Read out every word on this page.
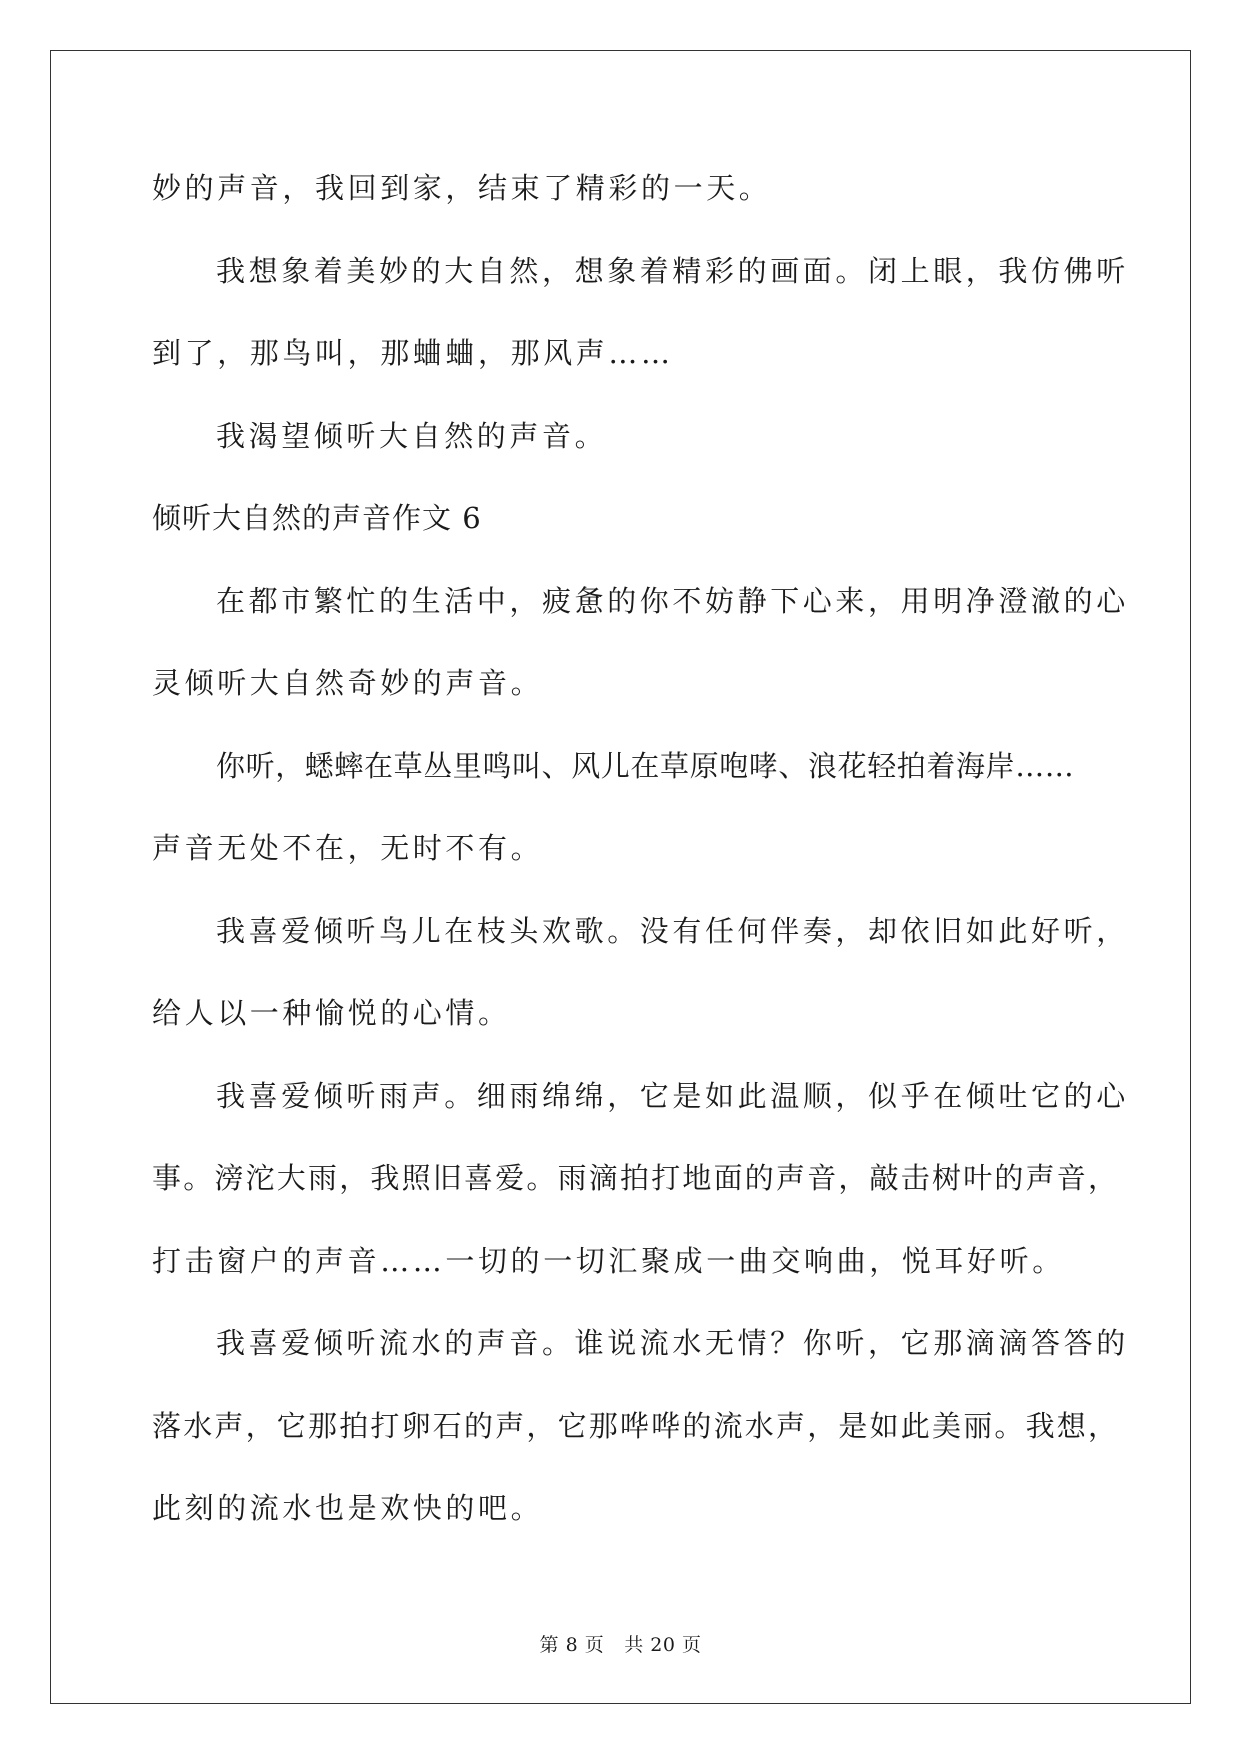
妙的声音，我回到家，结束了精彩的一天。
我想象着美妙的大自然，想象着精彩的画面。闭上眼，我仿佛听
到了，那鸟叫，那蛐蛐，那风声……
我渴望倾听大自然的声音。
倾听大自然的声音作文 6
在都市繁忙的生活中，疲惫的你不妨静下心来，用明净澄澈的心
灵倾听大自然奇妙的声音。
你听，蟋蟀在草丛里鸣叫、风儿在草原咆哮、浪花轻拍着海岸……
声音无处不在，无时不有。
我喜爱倾听鸟儿在枝头欢歌。没有任何伴奏，却依旧如此好听，
给人以一种愉悦的心情。
我喜爱倾听雨声。细雨绵绵，它是如此温顺，似乎在倾吐它的心
事。滂沱大雨，我照旧喜爱。雨滴拍打地面的声音，敲击树叶的声音，
打击窗户的声音……一切的一切汇聚成一曲交响曲，悦耳好听。
我喜爱倾听流水的声音。谁说流水无情？你听，它那滴滴答答的
落水声，它那拍打卵石的声，它那哗哗的流水声，是如此美丽。我想，
此刻的流水也是欢快的吧。
第 8 页 共 20 页
